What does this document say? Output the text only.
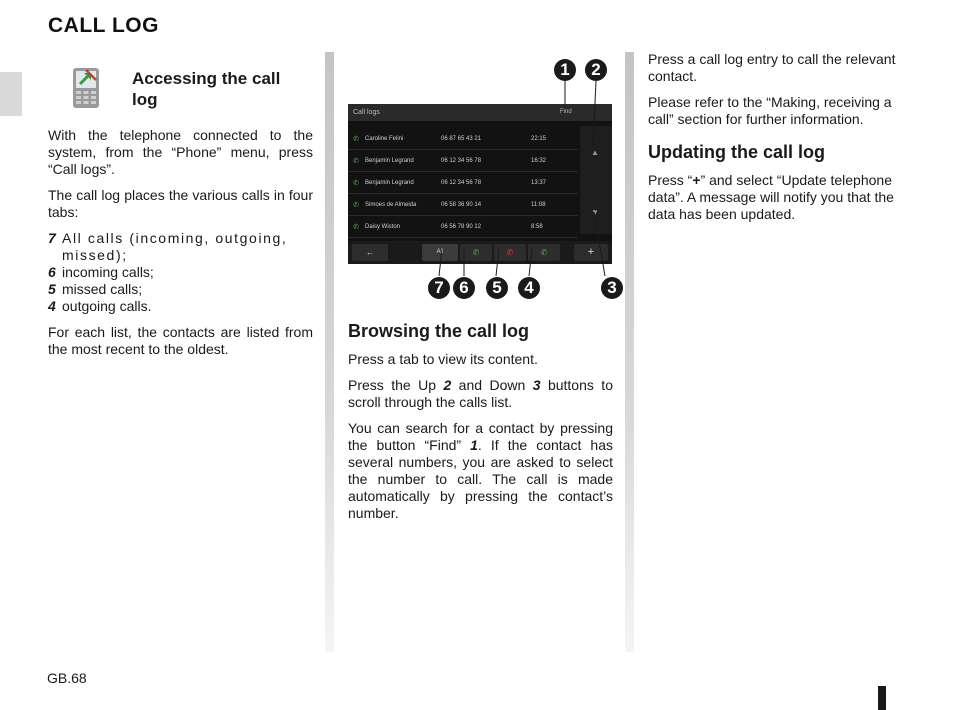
CALL LOG
Accessing the call
log

With the telephone connected to the system, from the “Phone” menu, press “Call logs”.

The call log places the various calls in four tabs:

7 All calls (incoming, outgoing, missed);
6 incoming calls;
5 missed calls;
4 outgoing calls.

For each list, the contacts are listed from the most recent to the oldest.

Call logs	Find
✆ Caroline Felini	06 87 65 43 21	22:15
✆ Benjamin Legrand	06 12 34 56 78	16:32
✆ Benjamin Legrand	06 12 34 56 78	13:37
✆ Simoes de Almeida	06 58 36 90 14	11:08
✆ Daisy Wiston	06 56 78 90 12	8:58
▲
▼
←	All	✆	✆	✆	+
1	2
3
4
5
6
7
Browsing the call log

Press a tab to view its content.

Press the Up 2 and Down 3 buttons to scroll through the calls list.

You can search for a contact by pressing the button “Find” 1. If the contact has several numbers, you are asked to select the number to call. The call is made automatically by pressing the contact’s number.

Press a call log entry to call the relevant contact.

Please refer to the “Making, receiving a call” section for further information.

Updating the call log

Press “+” and select “Update telephone data”. A message will notify you that the data has been updated.

GB.68
